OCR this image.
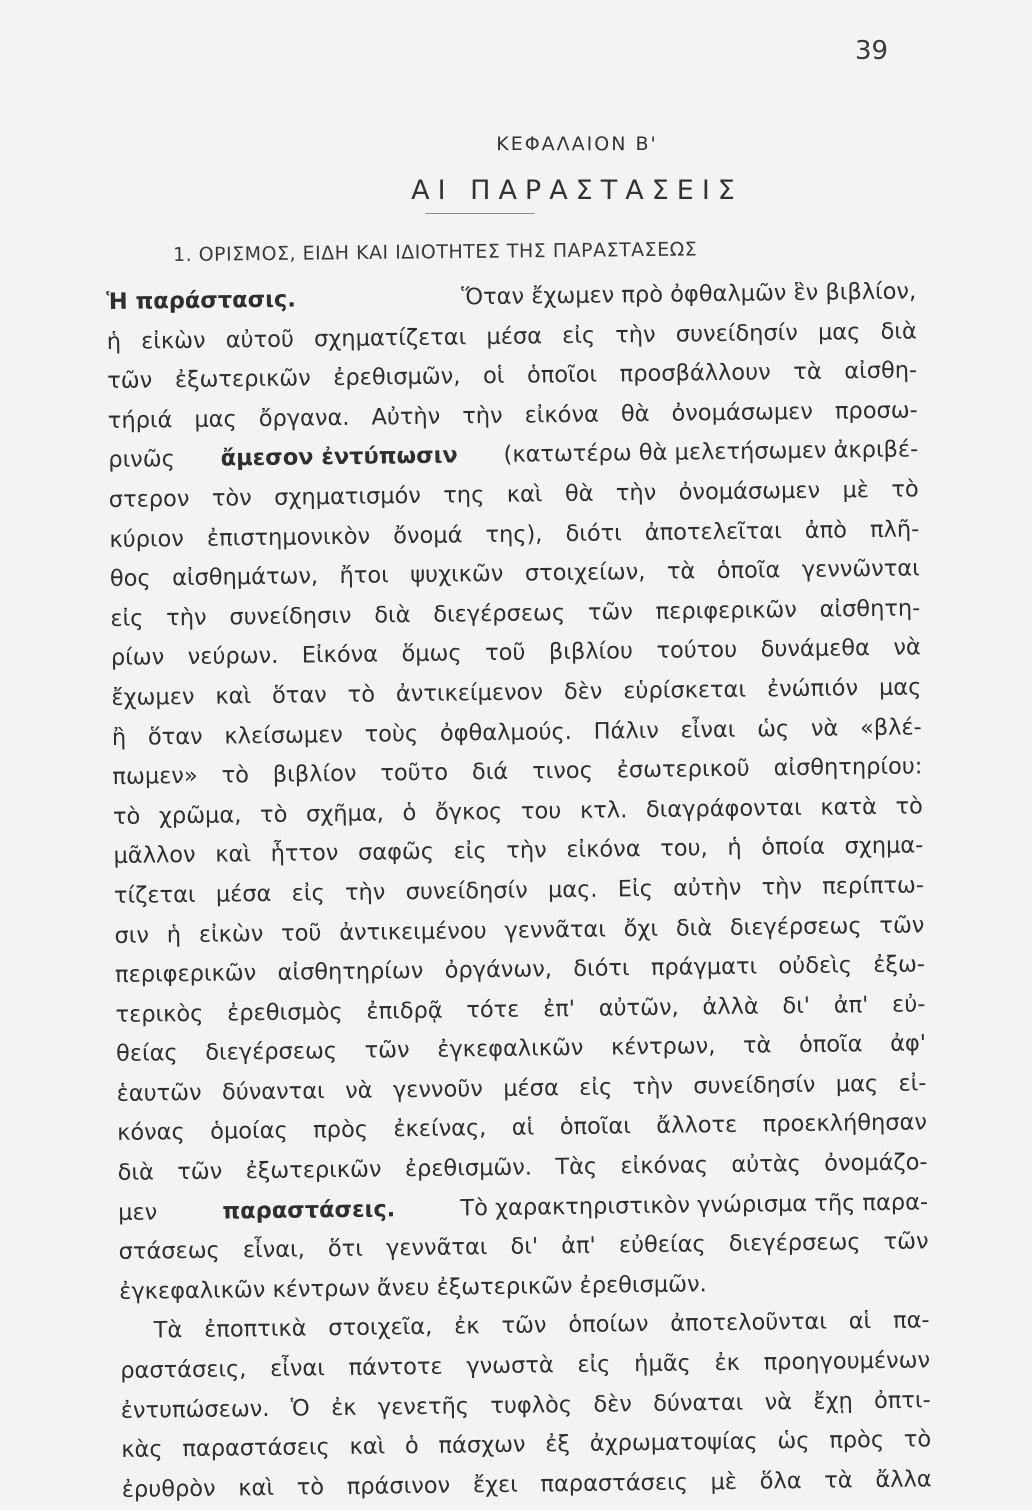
39
ΚΕΦΑΛΑΙΟΝ Β'
ΑΙ ΠΑΡΑΣΤΑΣΕΙΣ
1. ΟΡΙΣΜΟΣ, ΕΙΔΗ ΚΑΙ ΙΔΙΟΤΗΤΕΣ ΤΗΣ ΠΑΡΑΣΤΑΣΕΩΣ
Ἡ παράστασις.	Ὅταν ἔχωμεν πρὸ ὀφθαλμῶν ἓν βιβλίον,
ἡ εἰκὼν αὐτοῦ σχηματίζεται μέσα εἰς τὴν συνείδησίν μας διὰ
τῶν ἐξωτερικῶν ἐρεθισμῶν, οἱ ὁποῖοι προσβάλλουν τὰ αἰσθη-
τήριά μας ὄργανα. Αὐτὴν τὴν εἰκόνα θὰ ὀνομάσωμεν προσω-
ρινῶς ἄμεσον ἐντύπωσιν (κατωτέρω θὰ μελετήσωμεν ἀκριβέ-
στερον τὸν σχηματισμόν της καὶ θὰ τὴν ὀνομάσωμεν μὲ τὸ
κύριον ἐπιστημονικὸν ὄνομά της), διότι ἀποτελεῖται ἀπὸ πλῆ-
θος αἰσθημάτων, ἤτοι ψυχικῶν στοιχείων, τὰ ὁποῖα γεννῶνται
εἰς τὴν συνείδησιν διὰ διεγέρσεως τῶν περιφερικῶν αἰσθητη-
ρίων νεύρων. Εἰκόνα ὅμως τοῦ βιβλίου τούτου δυνάμεθα νὰ
ἔχωμεν καὶ ὅταν τὸ ἀντικείμενον δὲν εὑρίσκεται ἐνώπιόν μας
ἢ ὅταν κλείσωμεν τοὺς ὀφθαλμούς. Πάλιν εἶναι ὡς νὰ «βλέ-
πωμεν» τὸ βιβλίον τοῦτο διά τινος ἐσωτερικοῦ αἰσθητηρίου:
τὸ χρῶμα, τὸ σχῆμα, ὁ ὄγκος του κτλ. διαγράφονται κατὰ τὸ
μᾶλλον καὶ ἧττον σαφῶς εἰς τὴν εἰκόνα του, ἡ ὁποία σχημα-
τίζεται μέσα εἰς τὴν συνείδησίν μας. Εἰς αὐτὴν τὴν περίπτω-
σιν ἡ εἰκὼν τοῦ ἀντικειμένου γεννᾶται ὄχι διὰ διεγέρσεως τῶν
περιφερικῶν αἰσθητηρίων ὀργάνων, διότι πράγματι οὐδεὶς ἐξω-
τερικὸς ἐρεθισμὸς ἐπιδρᾷ τότε ἐπ' αὐτῶν, ἀλλὰ δι' ἀπ' εὐ-
θείας διεγέρσεως τῶν ἐγκεφαλικῶν κέντρων, τὰ ὁποῖα ἀφ'
ἑαυτῶν δύνανται νὰ γεννοῦν μέσα εἰς τὴν συνείδησίν μας εἰ-
κόνας ὁμοίας πρὸς ἐκείνας, αἱ ὁποῖαι ἄλλοτε προεκλήθησαν
διὰ τῶν ἐξωτερικῶν ἐρεθισμῶν. Τὰς εἰκόνας αὐτὰς ὀνομάζο-
μεν	παραστάσεις.	Τὸ χαρακτηριστικὸν γνώρισμα τῆς παρα-
στάσεως εἶναι, ὅτι γεννᾶται δι' ἀπ' εὐθείας διεγέρσεως τῶν
ἐγκεφαλικῶν κέντρων ἄνευ ἐξωτερικῶν ἐρεθισμῶν.
Τὰ ἐποπτικὰ στοιχεῖα, ἐκ τῶν ὁποίων ἀποτελοῦνται αἱ πα-
ραστάσεις, εἶναι πάντοτε γνωστὰ εἰς ἡμᾶς ἐκ προηγουμένων
ἐντυπώσεων. Ὁ ἐκ γενετῆς τυφλὸς δὲν δύναται νὰ ἔχῃ ὀπτι-
κὰς παραστάσεις καὶ ὁ πάσχων ἐξ ἀχρωματοψίας ὡς πρὸς τὸ
ἐρυθρὸν καὶ τὸ πράσινον ἔχει παραστάσεις μὲ ὅλα τὰ ἄλλα
